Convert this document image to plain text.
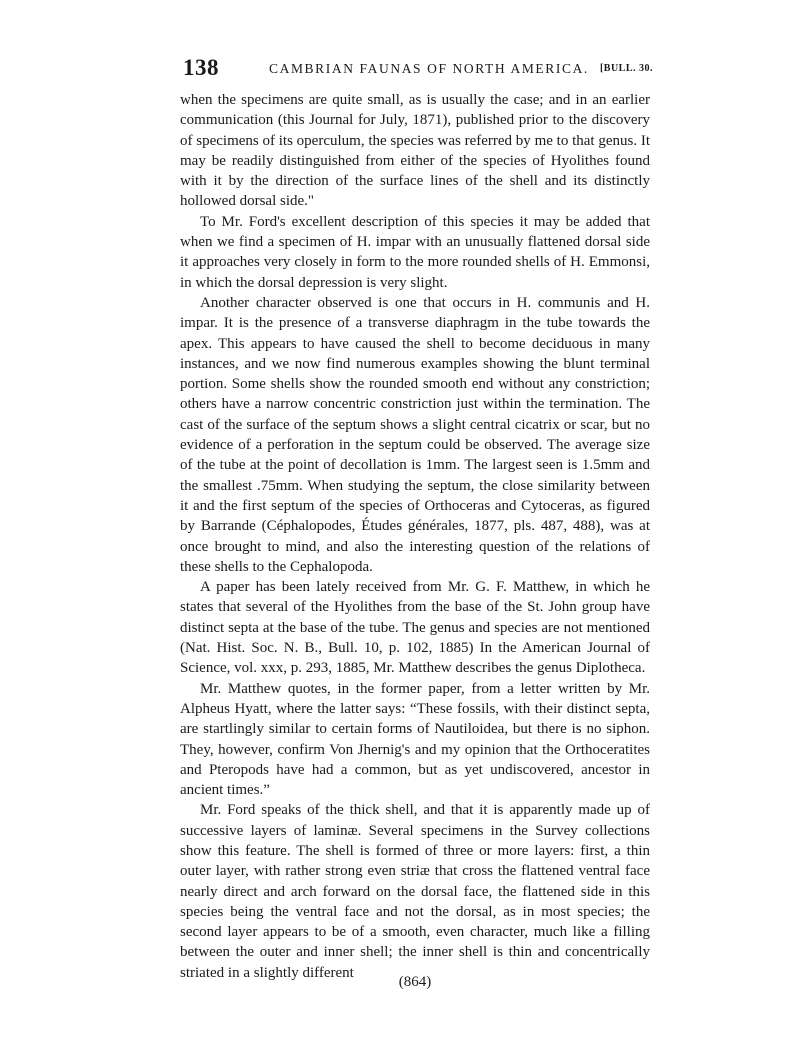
138	CAMBRIAN FAUNAS OF NORTH AMERICA. [BULL. 30.

when the specimens are quite small, as is usually the case; and in an earlier communication (this Journal for July, 1871), published prior to the discovery of specimens of its operculum, the species was referred by me to that genus. It may be readily distinguished from either of the species of Hyolithes found with it by the direction of the surface lines of the shell and its distinctly hollowed dorsal side."

To Mr. Ford's excellent description of this species it may be added that when we find a specimen of H. impar with an unusually flattened dorsal side it approaches very closely in form to the more rounded shells of H. Emmonsi, in which the dorsal depression is very slight.

Another character observed is one that occurs in H. communis and H. impar. It is the presence of a transverse diaphragm in the tube towards the apex. This appears to have caused the shell to become deciduous in many instances, and we now find numerous examples showing the blunt terminal portion. Some shells show the rounded smooth end without any constriction; others have a narrow concentric constriction just within the termination. The cast of the surface of the septum shows a slight central cicatrix or scar, but no evidence of a perforation in the septum could be observed. The average size of the tube at the point of decollation is 1mm. The largest seen is 1.5mm and the smallest .75mm. When studying the septum, the close similarity between it and the first septum of the species of Orthoceras and Cytoceras, as figured by Barrande (Céphalopodes, Études générales, 1877, pls. 487, 488), was at once brought to mind, and also the interesting question of the relations of these shells to the Cephalopoda.

A paper has been lately received from Mr. G. F. Matthew, in which he states that several of the Hyolithes from the base of the St. John group have distinct septa at the base of the tube. The genus and species are not mentioned (Nat. Hist. Soc. N. B., Bull. 10, p. 102, 1885) In the American Journal of Science, vol. xxx, p. 293, 1885, Mr. Matthew describes the genus Diplotheca.

Mr. Matthew quotes, in the former paper, from a letter written by Mr. Alpheus Hyatt, where the latter says: “These fossils, with their distinct septa, are startlingly similar to certain forms of Nautiloidea, but there is no siphon. They, however, confirm Von Jhernig's and my opinion that the Orthoceratites and Pteropods have had a common, but as yet undiscovered, ancestor in ancient times.”

Mr. Ford speaks of the thick shell, and that it is apparently made up of successive layers of laminæ. Several specimens in the Survey collections show this feature. The shell is formed of three or more layers: first, a thin outer layer, with rather strong even striæ that cross the flattened ventral face nearly direct and arch forward on the dorsal face, the flattened side in this species being the ventral face and not the dorsal, as in most species; the second layer appears to be of a smooth, even character, much like a filling between the outer and inner shell; the inner shell is thin and concentrically striated in a slightly different

(864)
